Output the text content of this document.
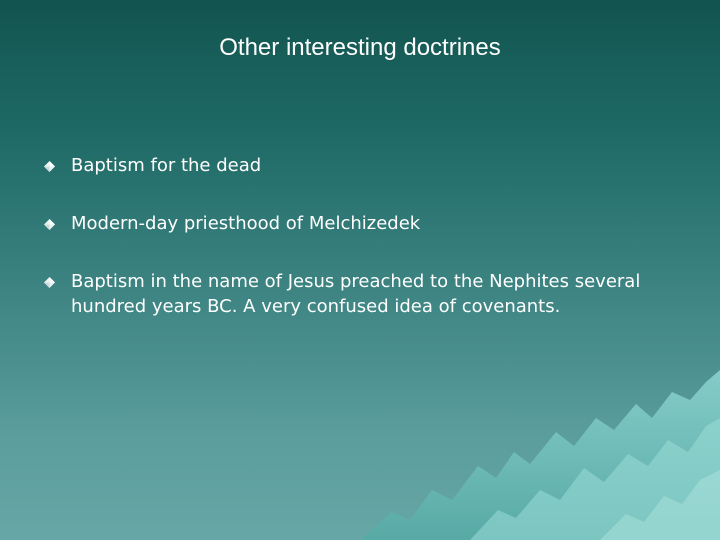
Other interesting doctrines
Baptism for the dead
Modern-day priesthood of Melchizedek
Baptism in the name of Jesus preached to the Nephites several hundred years BC. A very confused idea of covenants.
